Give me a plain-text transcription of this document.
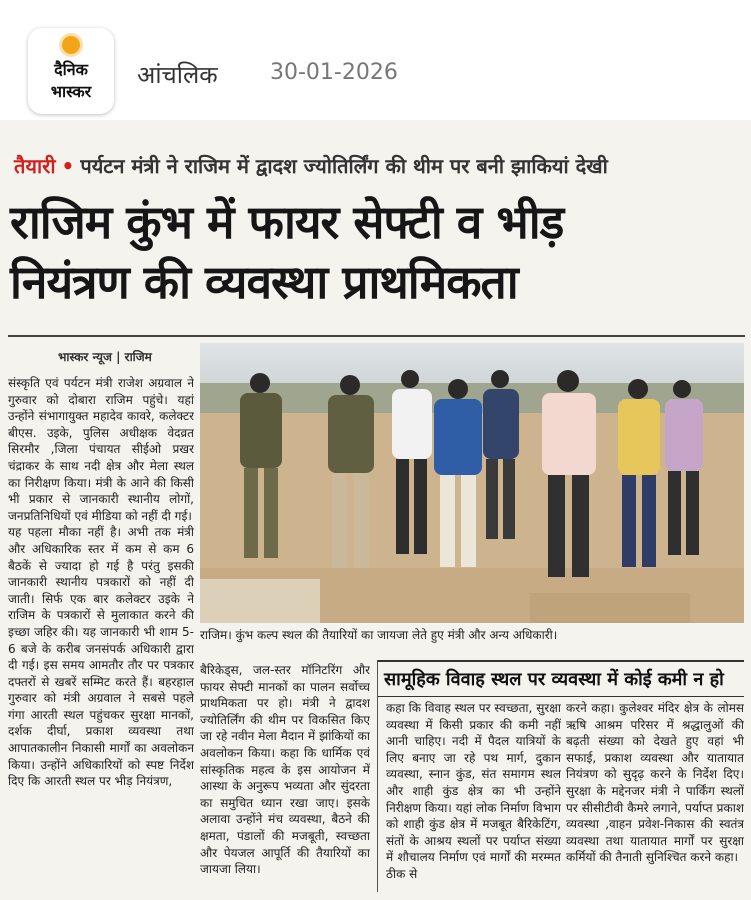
दैनिक
भास्कर
आंचलिक 30-01-2026
तैयारी • पर्यटन मंत्री ने राजिम में द्वादश ज्योतिर्लिंग की थीम पर बनी झाकियां देखी
राजिम कुंभ में फायर सेफ्टी व भीड़
नियंत्रण की व्यवस्था प्राथमिकता
भास्कर न्यूज | राजिम

संस्कृति एवं पर्यटन मंत्री राजेश अग्रवाल ने गुरुवार को दोबारा राजिम पहुंचे। यहां उन्होंने संभागायुक्त महादेव कावरे, कलेक्टर बीएस. उइके, पुलिस अधीक्षक वेदव्रत सिरमौर ,जिला पंचायत सीईओ प्रखर चंद्राकर के साथ नदी क्षेत्र और मेला स्थल का निरीक्षण किया। मंत्री के आने की किसी भी प्रकार से जानकारी स्थानीय लोगों, जनप्रतिनिधियों एवं मीडिया को नहीं दी गई।

यह पहला मौका नहीं है। अभी तक मंत्री और अधिकारिक स्तर में कम से कम 6 बैठकें से ज्यादा हो गई है परंतु इसकी जानकारी स्थानीय पत्रकारों को नहीं दी जाती। सिर्फ एक बार कलेक्टर उइके ने राजिम के पत्रकारों से मुलाकात करने की इच्छा जहिर की। यह जानकारी भी शाम 5-6 बजे के करीब जनसंपर्क अधिकारी द्वारा दी गई। इस समय आमतौर तौर पर पत्रकार दफ्तरों से खबरें सम्मिट करते हैं। बहरहाल गुरुवार को मंत्री अग्रवाल ने सबसे पहले गंगा आरती स्थल पहुंचकर सुरक्षा मानकों, दर्शक दीर्घा, प्रकाश व्यवस्था तथा आपातकालीन निकासी मार्गों का अवलोकन किया। उन्होंने अधिकारियों को स्पष्ट निर्देश दिए कि आरती स्थल पर भीड़ नियंत्रण,

राजिम। कुंभ कल्प स्थल की तैयारियों का जायजा लेते हुए मंत्री और अन्य अधिकारी।

बैरिकेड्स, जल-स्तर मॉनिटरिंग और फायर सेफ्टी मानकों का पालन सर्वोच्च प्राथमिकता पर हो। मंत्री ने द्वादश ज्योतिर्लिंग की थीम पर विकसित किए जा रहे नवीन मेला मैदान में झांकियों का अवलोकन किया। कहा कि धार्मिक एवं सांस्कृतिक महत्व के इस आयोजन में आस्था के अनुरूप भव्यता और सुंदरता का समुचित ध्यान रखा जाए। इसके अलावा उन्होंने मंच व्यवस्था, बैठने की क्षमता, पंडालों की मजबूती, स्वच्छता और पेयजल आपूर्ति की तैयारियों का जायजा लिया।

सामूहिक विवाह स्थल पर व्यवस्था में कोई कमी न हो

कहा कि विवाह स्थल पर स्वच्छता, सुरक्षा व्यवस्था में किसी प्रकार की कमी नहीं आनी चाहिए। नदी में पैदल यात्रियों के लिए बनाए जा रहे पथ मार्ग, दुकान व्यवस्था, स्नान कुंड, संत समागम स्थल और शाही कुंड क्षेत्र का भी उन्होंने निरीक्षण किया। यहां लोक निर्माण विभाग को शाही कुंड क्षेत्र में मजबूत बैरिकेटिंग, संतों के आश्रय स्थलों पर पर्याप्त संख्या में शौचालय निर्माण एवं मार्गों की मरम्मत ठीक से

करने कहा। कुलेश्वर मंदिर क्षेत्र के लोमस ऋषि आश्रम परिसर में श्रद्धालुओं की बढ़ती संख्या को देखते हुए वहां भी सफाई, प्रकाश व्यवस्था और यातायात नियंत्रण को सुदृढ़ करने के निर्देश दिए। सुरक्षा के मद्देनजर मंत्री ने पार्किंग स्थलों पर सीसीटीवी कैमरे लगाने, पर्याप्त प्रकाश व्यवस्था ,वाहन प्रवेश-निकास की स्वतंत्र व्यवस्था तथा यातायात मार्गों पर सुरक्षा कर्मियों की तैनाती सुनिश्चित करने कहा।
